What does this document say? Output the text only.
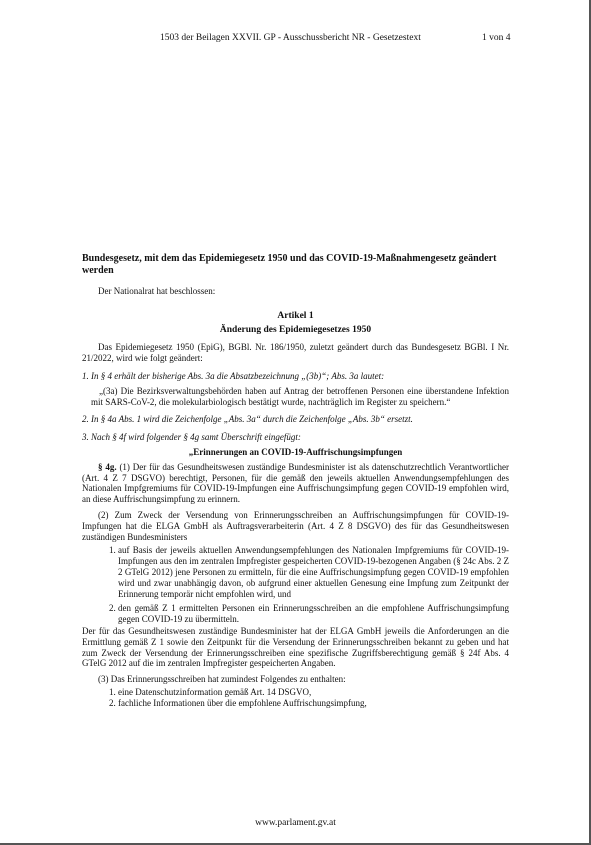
1503 der Beilagen XXVII. GP - Ausschussbericht NR - Gesetzestext	1 von 4

Bundesgesetz, mit dem das Epidemiegesetz 1950 und das COVID-19-Maßnahmengesetz geändert werden

Der Nationalrat hat beschlossen:

Artikel 1

Änderung des Epidemiegesetzes 1950

Das Epidemiegesetz 1950 (EpiG), BGBl. Nr. 186/1950, zuletzt geändert durch das Bundesgesetz BGBl. I Nr. 21/2022, wird wie folgt geändert:

1. In § 4 erhält der bisherige Abs. 3a die Absatzbezeichnung „(3b)“; Abs. 3a lautet:

„(3a) Die Bezirksverwaltungsbehörden haben auf Antrag der betroffenen Personen eine überstandene Infektion mit SARS-CoV-2, die molekularbiologisch bestätigt wurde, nachträglich im Register zu speichern.“

2. In § 4a Abs. 1 wird die Zeichenfolge „Abs. 3a“ durch die Zeichenfolge „Abs. 3b“ ersetzt.

3. Nach § 4f wird folgender § 4g samt Überschrift eingefügt:

„Erinnerungen an COVID-19-Auffrischungsimpfungen

§ 4g. (1) Der für das Gesundheitswesen zuständige Bundesminister ist als datenschutzrechtlich Verantwortlicher (Art. 4 Z 7 DSGVO) berechtigt, Personen, für die gemäß den jeweils aktuellen Anwendungsempfehlungen des Nationalen Impfgremiums für COVID-19-Impfungen eine Auffrischungsimpfung gegen COVID-19 empfohlen wird, an diese Auffrischungsimpfung zu erinnern.

(2) Zum Zweck der Versendung von Erinnerungsschreiben an Auffrischungsimpfungen für COVID-19-Impfungen hat die ELGA GmbH als Auftragsverarbeiterin (Art. 4 Z 8 DSGVO) des für das Gesundheitswesen zuständigen Bundesministers

1. auf Basis der jeweils aktuellen Anwendungsempfehlungen des Nationalen Impfgremiums für COVID-19-Impfungen aus den im zentralen Impfregister gespeicherten COVID-19-bezogenen Angaben (§ 24c Abs. 2 Z 2 GTelG 2012) jene Personen zu ermitteln, für die eine Auffrischungsimpfung gegen COVID-19 empfohlen wird und zwar unabhängig davon, ob aufgrund einer aktuellen Genesung eine Impfung zum Zeitpunkt der Erinnerung temporär nicht empfohlen wird, und
2. den gemäß Z 1 ermittelten Personen ein Erinnerungsschreiben an die empfohlene Auffrischungsimpfung gegen COVID-19 zu übermitteln.

Der für das Gesundheitswesen zuständige Bundesminister hat der ELGA GmbH jeweils die Anforderungen an die Ermittlung gemäß Z 1 sowie den Zeitpunkt für die Versendung der Erinnerungsschreiben bekannt zu geben und hat zum Zweck der Versendung der Erinnerungsschreiben eine spezifische Zugriffsberechtigung gemäß § 24f Abs. 4 GTelG 2012 auf die im zentralen Impfregister gespeicherten Angaben.

(3) Das Erinnerungsschreiben hat zumindest Folgendes zu enthalten:

1. eine Datenschutzinformation gemäß Art. 14 DSGVO,
2. fachliche Informationen über die empfohlene Auffrischungsimpfung,
www.parlament.gv.at
